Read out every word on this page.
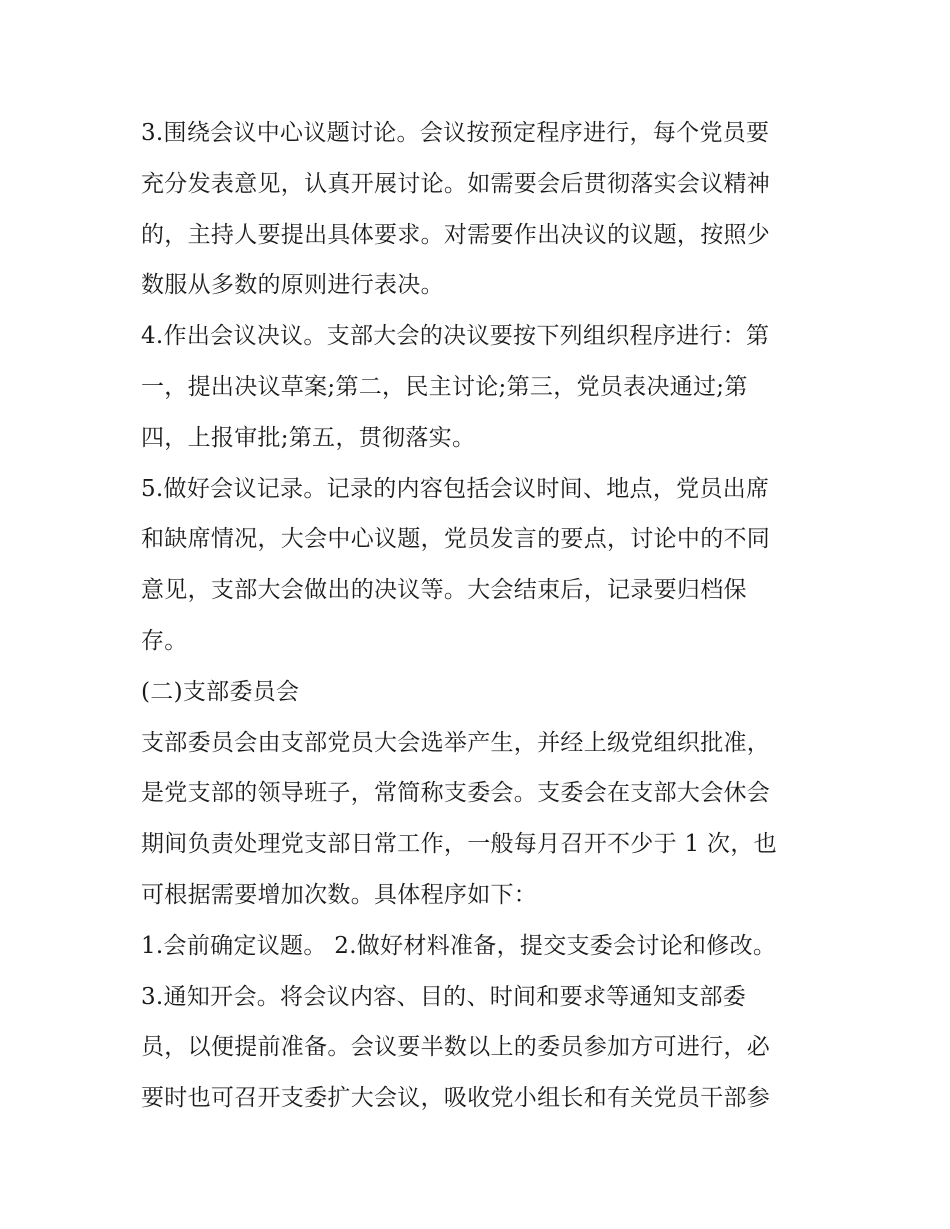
3.围绕会议中心议题讨论。会议按预定程序进行，每个党员要
充分发表意见，认真开展讨论。如需要会后贯彻落实会议精神
的，主持人要提出具体要求。对需要作出决议的议题，按照少
数服从多数的原则进行表决。
4.作出会议决议。支部大会的决议要按下列组织程序进行：第
一，提出决议草案;第二，民主讨论;第三，党员表决通过;第
四，上报审批;第五，贯彻落实。
5.做好会议记录。记录的内容包括会议时间、地点，党员出席
和缺席情况，大会中心议题，党员发言的要点，讨论中的不同
意见，支部大会做出的决议等。大会结束后，记录要归档保
存。
(二)支部委员会
支部委员会由支部党员大会选举产生，并经上级党组织批准，
是党支部的领导班子，常简称支委会。支委会在支部大会休会
期间负责处理党支部日常工作，一般每月召开不少于 1 次，也
可根据需要增加次数。具体程序如下：
1.会前确定议题。 2.做好材料准备，提交支委会讨论和修改。
3.通知开会。将会议内容、目的、时间和要求等通知支部委
员，以便提前准备。会议要半数以上的委员参加方可进行，必
要时也可召开支委扩大会议，吸收党小组长和有关党员干部参
